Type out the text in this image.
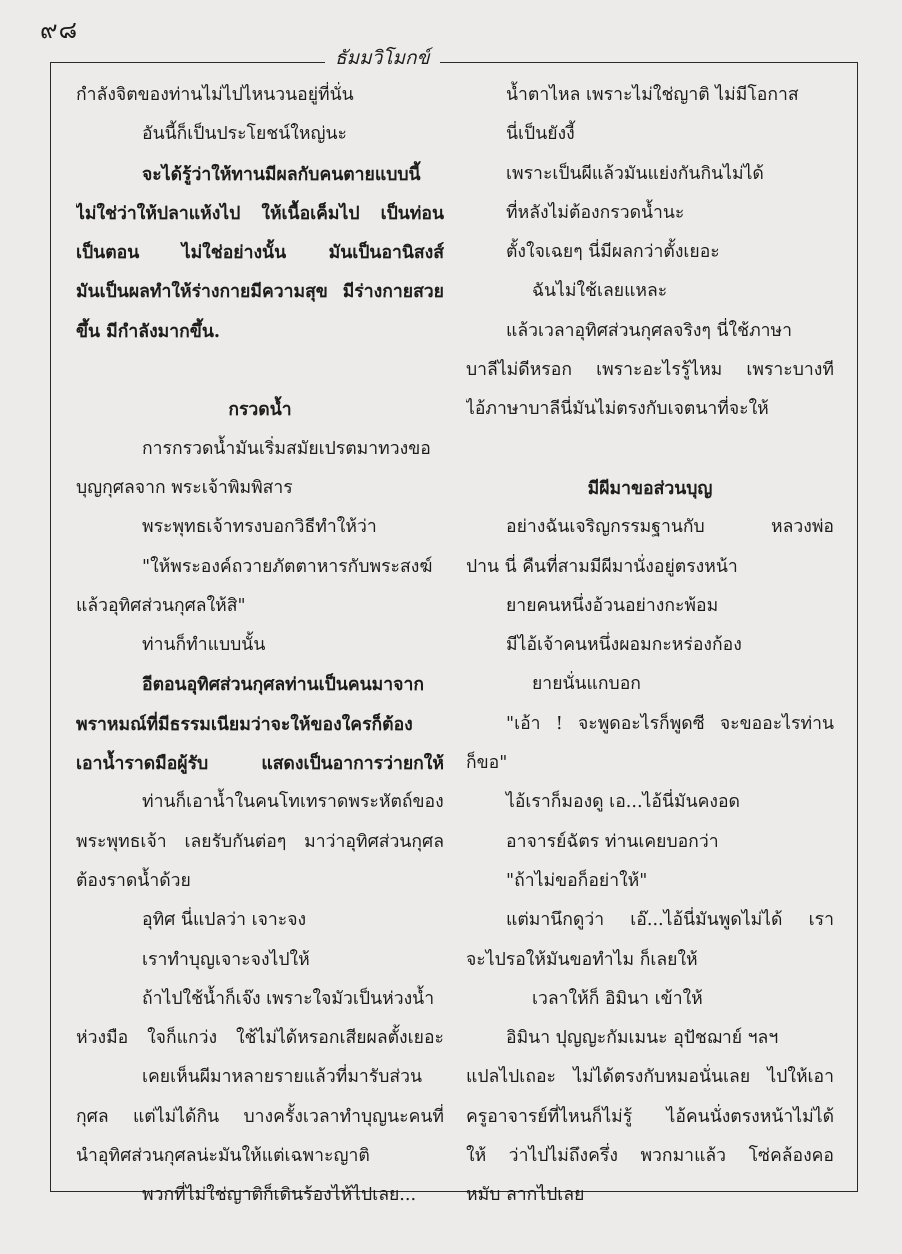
๙๘
ธัมมวิโมกข์
กำลังจิตของท่านไม่ไปไหนวนอยู่ที่นั่น
อันนี้ก็เป็นประโยชน์ใหญ่นะ
จะได้รู้ว่าให้ทานมีผลกับคนตายแบบนี้
ไม่ใช่ว่าให้ปลาแห้งไป ให้เนื้อเค็มไป เป็นท่อน
เป็นตอน ไม่ใช่อย่างนั้น มันเป็นอานิสงส์
มันเป็นผลทำให้ร่างกายมีความสุข มีร่างกายสวย
ขึ้น มีกำลังมากขึ้น.
กรวดน้ำ
การกรวดน้ำมันเริ่มสมัยเปรตมาทวงขอ
บุญกุศลจาก พระเจ้าพิมพิสาร
พระพุทธเจ้าทรงบอกวิธีทำให้ว่า
"ให้พระองค์ถวายภัตตาหารกับพระสงฆ์
แล้วอุทิศส่วนกุศลให้สิ"
ท่านก็ทำแบบนั้น
อีตอนอุทิศส่วนกุศลท่านเป็นคนมาจาก
พราหมณ์ที่มีธรรมเนียมว่าจะให้ของใครก็ต้อง
เอาน้ำราดมือผู้รับ แสดงเป็นอาการว่ายกให้
ท่านก็เอาน้ำในคนโทเทราดพระหัตถ์ของ
พระพุทธเจ้า เลยรับกันต่อๆ มาว่าอุทิศส่วนกุศล
ต้องราดน้ำด้วย
อุทิศ นี่แปลว่า เจาะจง
เราทำบุญเจาะจงไปให้
ถ้าไปใช้น้ำก็เจ๊ง เพราะใจมัวเป็นห่วงน้ำ
ห่วงมือ ใจก็แกว่ง ใช้ไม่ได้หรอกเสียผลตั้งเยอะ
เคยเห็นผีมาหลายรายแล้วที่มารับส่วน
กุศล แต่ไม่ได้กิน บางครั้งเวลาทำบุญนะคนที่
นำอุทิศส่วนกุศลน่ะมันให้แต่เฉพาะญาติ
พวกที่ไม่ใช่ญาติก็เดินร้องไห้ไปเลย...
น้ำตาไหล เพราะไม่ใช่ญาติ ไม่มีโอกาส
นี่เป็นยังงี้
เพราะเป็นผีแล้วมันแย่งกันกินไม่ได้
ที่หลังไม่ต้องกรวดน้ำนะ
ตั้งใจเฉยๆ นี่มีผลกว่าตั้งเยอะ
ฉันไม่ใช้เลยแหละ
แล้วเวลาอุทิศส่วนกุศลจริงๆ นี่ใช้ภาษา
บาลีไม่ดีหรอก เพราะอะไรรู้ไหม เพราะบางที
ไอ้ภาษาบาลีนี่มันไม่ตรงกับเจตนาที่จะให้
มีผีมาขอส่วนบุญ
อย่างฉันเจริญกรรมฐานกับ หลวงพ่อ
ปาน นี่ คืนที่สามมีผีมานั่งอยู่ตรงหน้า
ยายคนหนึ่งอ้วนอย่างกะพ้อม
มีไอ้เจ้าคนหนึ่งผอมกะหร่องก้อง
ยายนั่นแกบอก
"เอ้า ! จะพูดอะไรก็พูดซี จะขออะไรท่าน
ก็ขอ"
ไอ้เราก็มองดู เอ...ไอ้นี่มันคงอด
อาจารย์ฉัตร ท่านเคยบอกว่า
"ถ้าไม่ขอก็อย่าให้"
แต่มานึกดูว่า เอ๊...ไอ้นี่มันพูดไม่ได้ เรา
จะไปรอให้มันขอทำไม ก็เลยให้
เวลาให้ก็ อิมินา เข้าให้
อิมินา ปุญญะกัมเมนะ อุปัชฌาย์ ฯลฯ
แปลไปเถอะ ไม่ได้ตรงกับหมอนั่นเลย ไปให้เอา
ครูอาจารย์ที่ไหนก็ไม่รู้ ไอ้คนนั่งตรงหน้าไม่ได้
ให้ ว่าไปไม่ถึงครึ่ง พวกมาแล้ว โซ่คล้องคอ
หมับ ลากไปเลย
